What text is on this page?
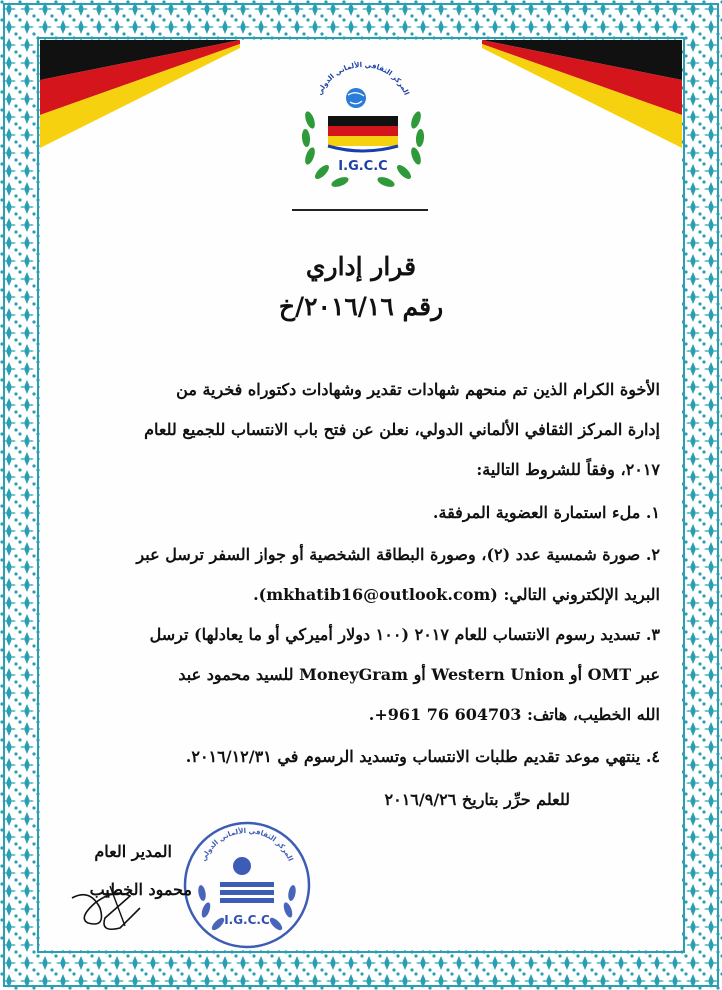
المركز الثقافي الألماني الدولي
I.G.C.C
قرار إداري
رقم ٢٠١٦/١٦/خ
الأخوة الكرام الذين تم منحهم شهادات تقدير وشهادات دكتوراه فخرية من
إدارة المركز الثقافي الألماني الدولي، نعلن عن فتح باب الانتساب للجميع للعام
٢٠١٧، وفقاً للشروط التالية:
١. ملء استمارة العضوية المرفقة.
٢. صورة شمسية عدد (٢)، وصورة البطاقة الشخصية أو جواز السفر ترسل عبر
البريد الإلكتروني التالي: (mkhatib16@outlook.com).
٣. تسديد رسوم الانتساب للعام ٢٠١٧ (١٠٠ دولار أميركي أو ما يعادلها) ترسل
عبر OMT أو Western Union أو MoneyGram للسيد محمود عبد
الله الخطيب، هاتف: 604703 76 961+.
٤. ينتهي موعد تقديم طلبات الانتساب وتسديد الرسوم في ٢٠١٦/١٢/٣١.
للعلم حرِّر بتاريخ ٢٠١٦/٩/٢٦
المركز الثقافي الألماني الدولي
I.G.C.C
المدير العام
محمود الخطيب
